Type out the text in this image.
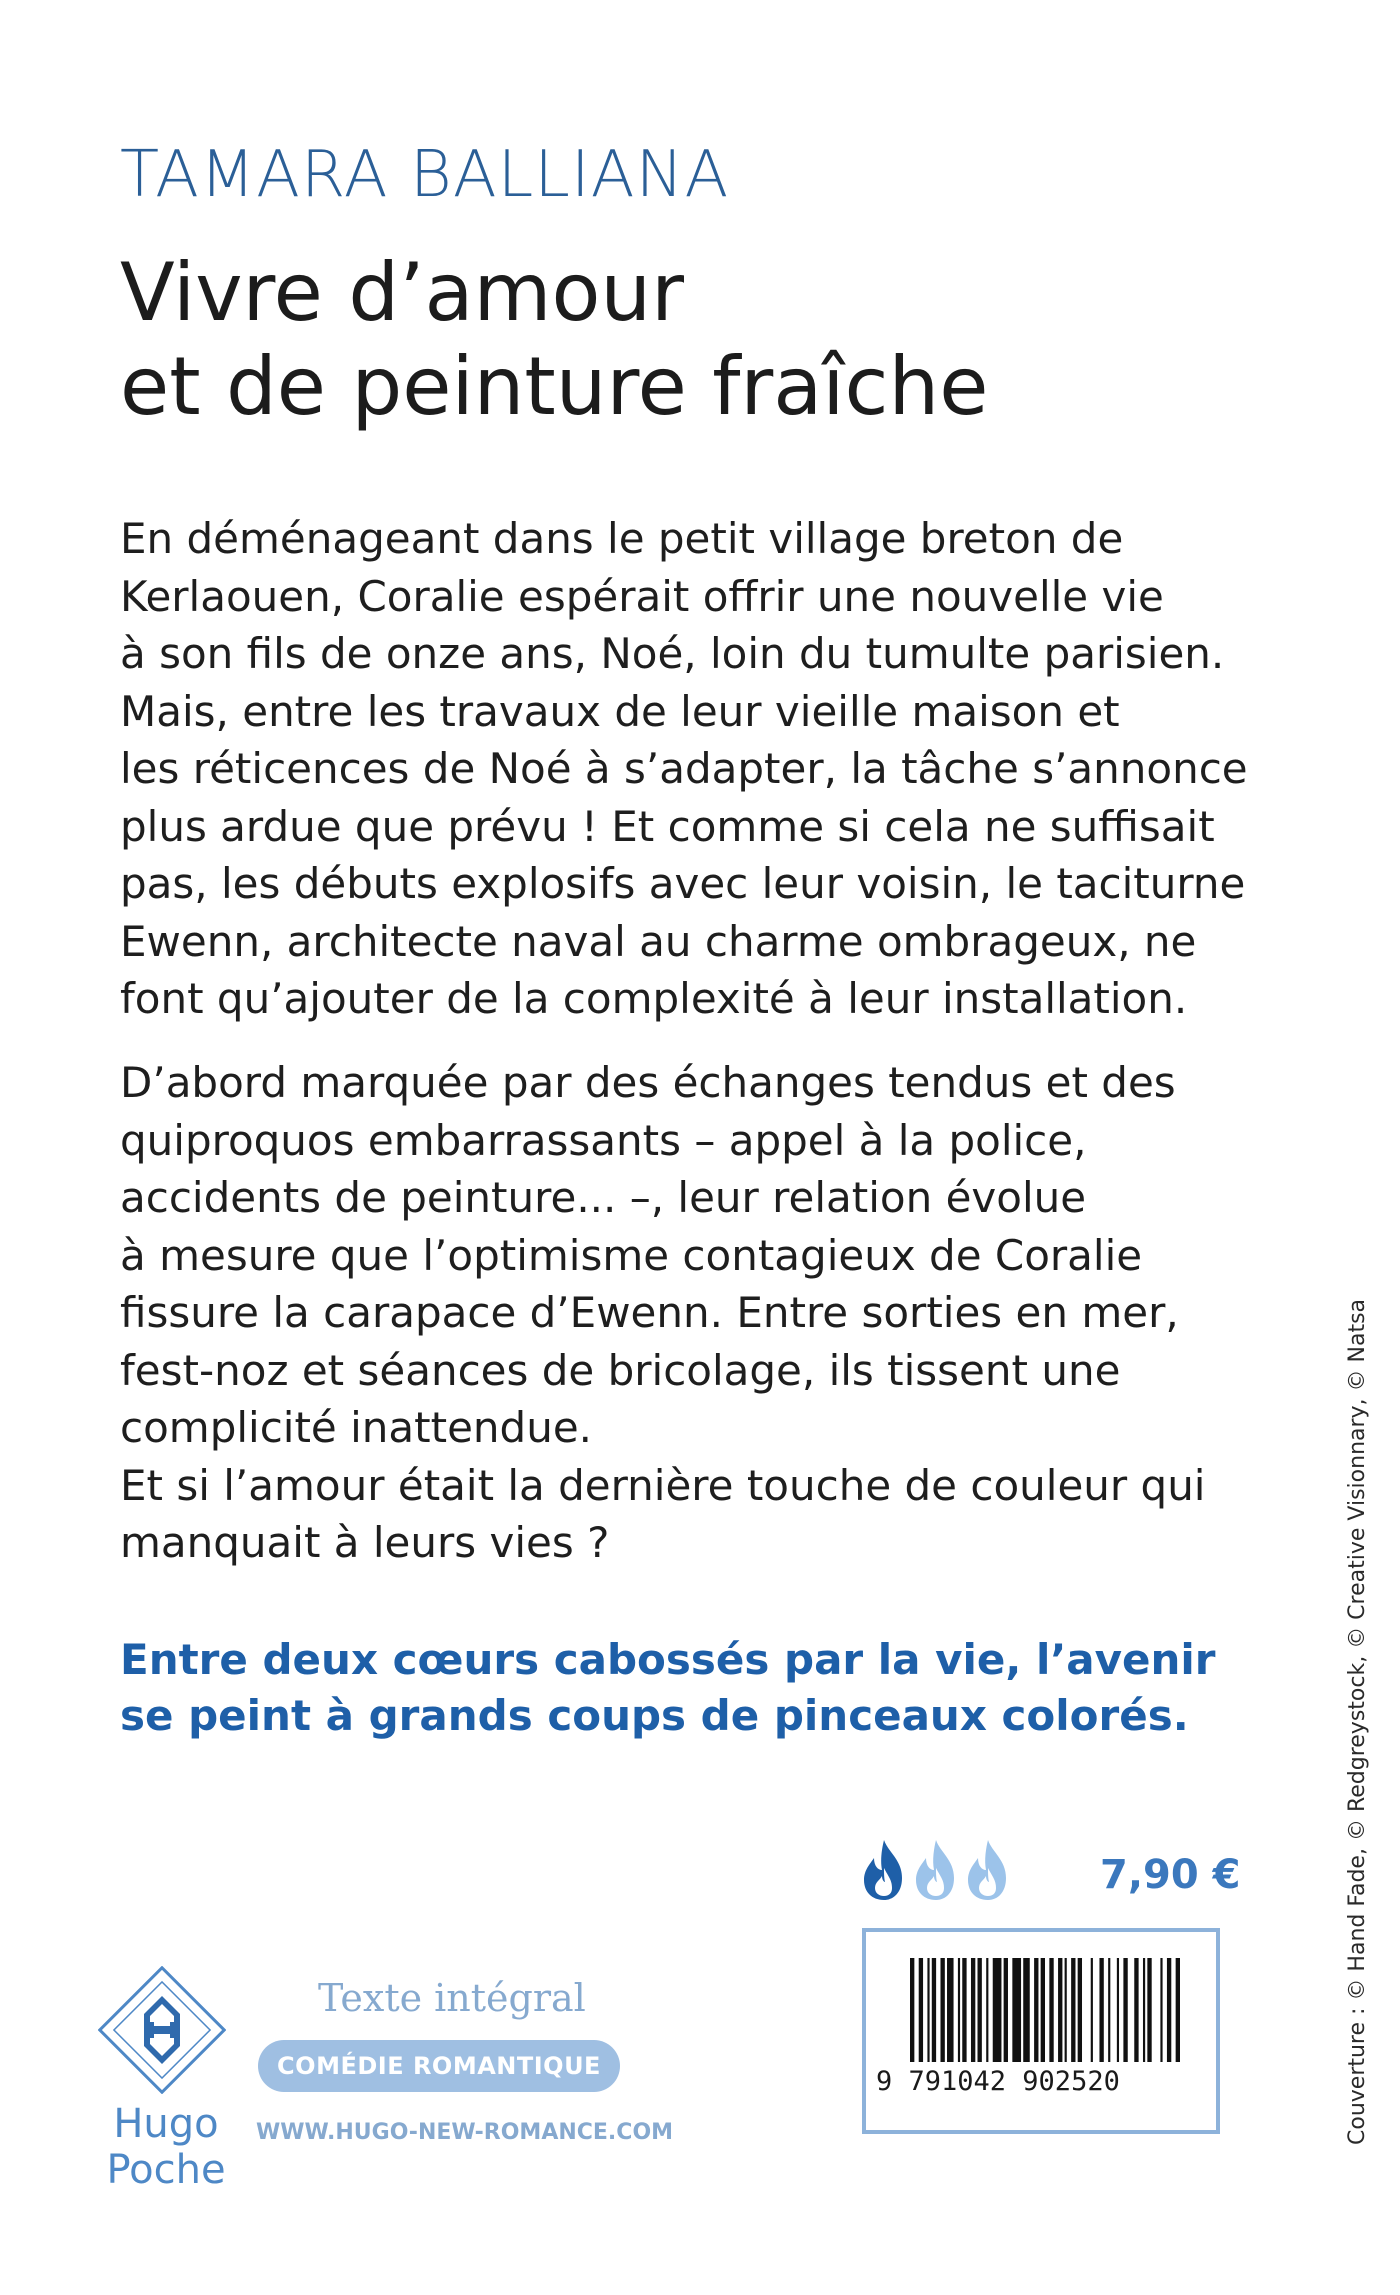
TAMARA BALLIANA
Vivre d’amour
et de peinture fraîche
En déménageant dans le petit village breton de
Kerlaouen, Coralie espérait offrir une nouvelle vie
à son fils de onze ans, Noé, loin du tumulte parisien.
Mais, entre les travaux de leur vieille maison et
les réticences de Noé à s’adapter, la tâche s’annonce
plus ardue que prévu ! Et comme si cela ne suffisait
pas, les débuts explosifs avec leur voisin, le taciturne
Ewenn, architecte naval au charme ombrageux, ne
font qu’ajouter de la complexité à leur installation.
D’abord marquée par des échanges tendus et des
quiproquos embarrassants – appel à la police,
accidents de peinture... –, leur relation évolue
à mesure que l’optimisme contagieux de Coralie
fissure la carapace d’Ewenn. Entre sorties en mer,
fest-noz et séances de bricolage, ils tissent une
complicité inattendue.
Et si l’amour était la dernière touche de couleur qui
manquait à leurs vies ?
Entre deux cœurs cabossés par la vie, l’avenir
se peint à grands coups de pinceaux colorés.	Couverture : © Hand Fade, © Redgreystock, © Creative Visionnary, © Natsa
7,90 €
9 791042 902520
Hugo
Poche
Texte intégral
COMÉDIE ROMANTIQUE
WWW.HUGO-NEW-ROMANCE.COM
